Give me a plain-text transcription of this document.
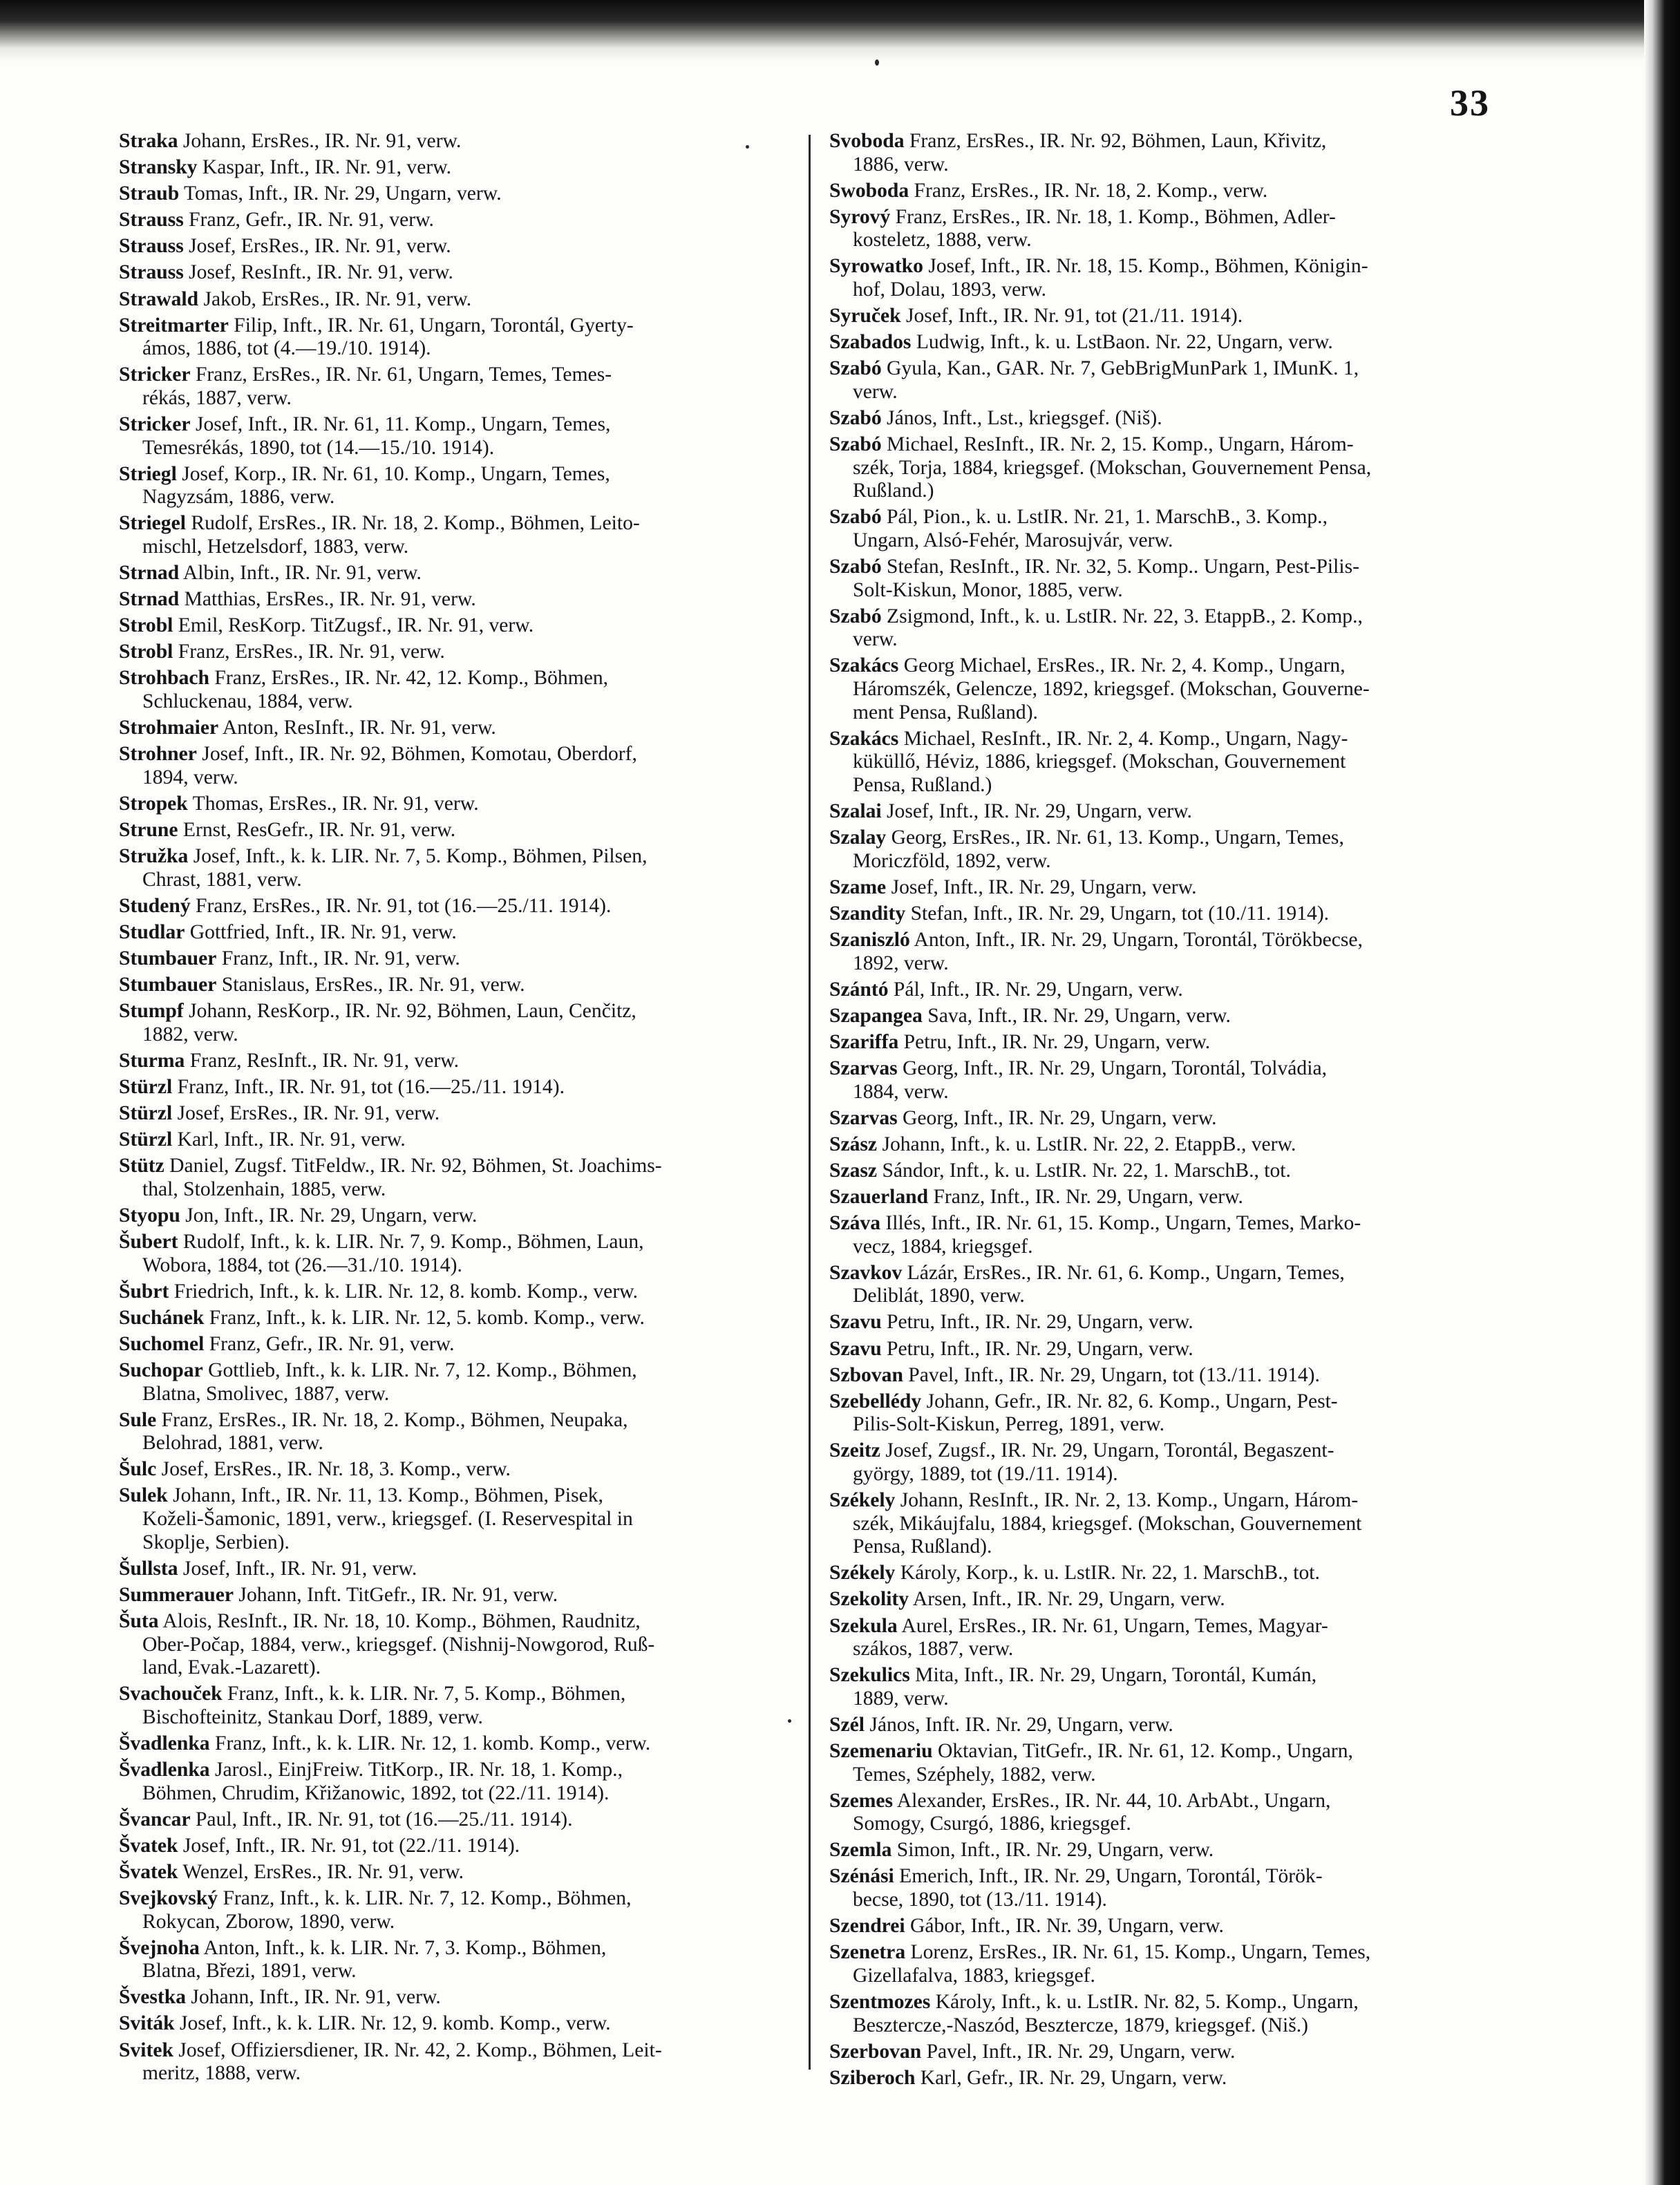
33
Straka Johann, ErsRes., IR. Nr. 91, verw.
Stransky Kaspar, Inft., IR. Nr. 91, verw.
Straub Tomas, Inft., IR. Nr. 29, Ungarn, verw.
Strauss Franz, Gefr., IR. Nr. 91, verw.
Strauss Josef, ErsRes., IR. Nr. 91, verw.
Strauss Josef, ResInft., IR. Nr. 91, verw.
Strawald Jakob, ErsRes., IR. Nr. 91, verw.
Streitmarter Filip, Inft., IR. Nr. 61, Ungarn, Torontál, Gyerty-
ámos, 1886, tot (4.—19./10. 1914).
Stricker Franz, ErsRes., IR. Nr. 61, Ungarn, Temes, Temes-
rékás, 1887, verw.
Stricker Josef, Inft., IR. Nr. 61, 11. Komp., Ungarn, Temes,
Temesrékás, 1890, tot (14.—15./10. 1914).
Striegl Josef, Korp., IR. Nr. 61, 10. Komp., Ungarn, Temes,
Nagyzsám, 1886, verw.
Striegel Rudolf, ErsRes., IR. Nr. 18, 2. Komp., Böhmen, Leito-
mischl, Hetzelsdorf, 1883, verw.
Strnad Albin, Inft., IR. Nr. 91, verw.
Strnad Matthias, ErsRes., IR. Nr. 91, verw.
Strobl Emil, ResKorp. TitZugsf., IR. Nr. 91, verw.
Strobl Franz, ErsRes., IR. Nr. 91, verw.
Strohbach Franz, ErsRes., IR. Nr. 42, 12. Komp., Böhmen,
Schluckenau, 1884, verw.
Strohmaier Anton, ResInft., IR. Nr. 91, verw.
Strohner Josef, Inft., IR. Nr. 92, Böhmen, Komotau, Oberdorf,
1894, verw.
Stropek Thomas, ErsRes., IR. Nr. 91, verw.
Strune Ernst, ResGefr., IR. Nr. 91, verw.
Stružka Josef, Inft., k. k. LIR. Nr. 7, 5. Komp., Böhmen, Pilsen,
Chrast, 1881, verw.
Studený Franz, ErsRes., IR. Nr. 91, tot (16.—25./11. 1914).
Studlar Gottfried, Inft., IR. Nr. 91, verw.
Stumbauer Franz, Inft., IR. Nr. 91, verw.
Stumbauer Stanislaus, ErsRes., IR. Nr. 91, verw.
Stumpf Johann, ResKorp., IR. Nr. 92, Böhmen, Laun, Cenčitz,
1882, verw.
Sturma Franz, ResInft., IR. Nr. 91, verw.
Stürzl Franz, Inft., IR. Nr. 91, tot (16.—25./11. 1914).
Stürzl Josef, ErsRes., IR. Nr. 91, verw.
Stürzl Karl, Inft., IR. Nr. 91, verw.
Stütz Daniel, Zugsf. TitFeldw., IR. Nr. 92, Böhmen, St. Joachims-
thal, Stolzenhain, 1885, verw.
Styopu Jon, Inft., IR. Nr. 29, Ungarn, verw.
Šubert Rudolf, Inft., k. k. LIR. Nr. 7, 9. Komp., Böhmen, Laun,
Wobora, 1884, tot (26.—31./10. 1914).
Šubrt Friedrich, Inft., k. k. LIR. Nr. 12, 8. komb. Komp., verw.
Suchánek Franz, Inft., k. k. LIR. Nr. 12, 5. komb. Komp., verw.
Suchomel Franz, Gefr., IR. Nr. 91, verw.
Suchopar Gottlieb, Inft., k. k. LIR. Nr. 7, 12. Komp., Böhmen,
Blatna, Smolivec, 1887, verw.
Sule Franz, ErsRes., IR. Nr. 18, 2. Komp., Böhmen, Neupaka,
Belohrad, 1881, verw.
Šulc Josef, ErsRes., IR. Nr. 18, 3. Komp., verw.
Sulek Johann, Inft., IR. Nr. 11, 13. Komp., Böhmen, Pisek,
Koželi-Šamonic, 1891, verw., kriegsgef. (I. Reservespital in
Skoplje, Serbien).
Šullsta Josef, Inft., IR. Nr. 91, verw.
Summerauer Johann, Inft. TitGefr., IR. Nr. 91, verw.
Šuta Alois, ResInft., IR. Nr. 18, 10. Komp., Böhmen, Raudnitz,
Ober-Počap, 1884, verw., kriegsgef. (Nishnij-Nowgorod, Ruß-
land, Evak.-Lazarett).
Svachouček Franz, Inft., k. k. LIR. Nr. 7, 5. Komp., Böhmen,
Bischofteinitz, Stankau Dorf, 1889, verw.
Švadlenka Franz, Inft., k. k. LIR. Nr. 12, 1. komb. Komp., verw.
Švadlenka Jarosl., EinjFreiw. TitKorp., IR. Nr. 18, 1. Komp.,
Böhmen, Chrudim, Křižanowic, 1892, tot (22./11. 1914).
Švancar Paul, Inft., IR. Nr. 91, tot (16.—25./11. 1914).
Švatek Josef, Inft., IR. Nr. 91, tot (22./11. 1914).
Švatek Wenzel, ErsRes., IR. Nr. 91, verw.
Svejkovský Franz, Inft., k. k. LIR. Nr. 7, 12. Komp., Böhmen,
Rokycan, Zborow, 1890, verw.
Švejnoha Anton, Inft., k. k. LIR. Nr. 7, 3. Komp., Böhmen,
Blatna, Březi, 1891, verw.
Švestka Johann, Inft., IR. Nr. 91, verw.
Sviták Josef, Inft., k. k. LIR. Nr. 12, 9. komb. Komp., verw.
Svitek Josef, Offiziersdiener, IR. Nr. 42, 2. Komp., Böhmen, Leit-
meritz, 1888, verw.
Svoboda Franz, ErsRes., IR. Nr. 92, Böhmen, Laun, Křivitz,
1886, verw.
Swoboda Franz, ErsRes., IR. Nr. 18, 2. Komp., verw.
Syrový Franz, ErsRes., IR. Nr. 18, 1. Komp., Böhmen, Adler-
kosteletz, 1888, verw.
Syrowatko Josef, Inft., IR. Nr. 18, 15. Komp., Böhmen, Königin-
hof, Dolau, 1893, verw.
Syruček Josef, Inft., IR. Nr. 91, tot (21./11. 1914).
Szabados Ludwig, Inft., k. u. LstBaon. Nr. 22, Ungarn, verw.
Szabó Gyula, Kan., GAR. Nr. 7, GebBrigMunPark 1, IMunK. 1,
verw.
Szabó János, Inft., Lst., kriegsgef. (Niš).
Szabó Michael, ResInft., IR. Nr. 2, 15. Komp., Ungarn, Három-
szék, Torja, 1884, kriegsgef. (Mokschan, Gouvernement Pensa,
Rußland.)
Szabó Pál, Pion., k. u. LstIR. Nr. 21, 1. MarschB., 3. Komp.,
Ungarn, Alsó-Fehér, Marosujvár, verw.
Szabó Stefan, ResInft., IR. Nr. 32, 5. Komp.. Ungarn, Pest-Pilis-
Solt-Kiskun, Monor, 1885, verw.
Szabó Zsigmond, Inft., k. u. LstIR. Nr. 22, 3. EtappB., 2. Komp.,
verw.
Szakács Georg Michael, ErsRes., IR. Nr. 2, 4. Komp., Ungarn,
Háromszék, Gelencze, 1892, kriegsgef. (Mokschan, Gouverne-
ment Pensa, Rußland).
Szakács Michael, ResInft., IR. Nr. 2, 4. Komp., Ungarn, Nagy-
küküllő, Héviz, 1886, kriegsgef. (Mokschan, Gouvernement
Pensa, Rußland.)
Szalai Josef, Inft., IR. Nr. 29, Ungarn, verw.
Szalay Georg, ErsRes., IR. Nr. 61, 13. Komp., Ungarn, Temes,
Moriczföld, 1892, verw.
Szame Josef, Inft., IR. Nr. 29, Ungarn, verw.
Szandity Stefan, Inft., IR. Nr. 29, Ungarn, tot (10./11. 1914).
Szaniszló Anton, Inft., IR. Nr. 29, Ungarn, Torontál, Törökbecse,
1892, verw.
Szántó Pál, Inft., IR. Nr. 29, Ungarn, verw.
Szapangea Sava, Inft., IR. Nr. 29, Ungarn, verw.
Szariffa Petru, Inft., IR. Nr. 29, Ungarn, verw.
Szarvas Georg, Inft., IR. Nr. 29, Ungarn, Torontál, Tolvádia,
1884, verw.
Szarvas Georg, Inft., IR. Nr. 29, Ungarn, verw.
Szász Johann, Inft., k. u. LstIR. Nr. 22, 2. EtappB., verw.
Szasz Sándor, Inft., k. u. LstIR. Nr. 22, 1. MarschB., tot.
Szauerland Franz, Inft., IR. Nr. 29, Ungarn, verw.
Száva Illés, Inft., IR. Nr. 61, 15. Komp., Ungarn, Temes, Marko-
vecz, 1884, kriegsgef.
Szavkov Lázár, ErsRes., IR. Nr. 61, 6. Komp., Ungarn, Temes,
Deliblát, 1890, verw.
Szavu Petru, Inft., IR. Nr. 29, Ungarn, verw.
Szavu Petru, Inft., IR. Nr. 29, Ungarn, verw.
Szbovan Pavel, Inft., IR. Nr. 29, Ungarn, tot (13./11. 1914).
Szebellédy Johann, Gefr., IR. Nr. 82, 6. Komp., Ungarn, Pest-
Pilis-Solt-Kiskun, Perreg, 1891, verw.
Szeitz Josef, Zugsf., IR. Nr. 29, Ungarn, Torontál, Begaszent-
györgy, 1889, tot (19./11. 1914).
Székely Johann, ResInft., IR. Nr. 2, 13. Komp., Ungarn, Három-
szék, Mikáujfalu, 1884, kriegsgef. (Mokschan, Gouvernement
Pensa, Rußland).
Székely Károly, Korp., k. u. LstIR. Nr. 22, 1. MarschB., tot.
Szekolity Arsen, Inft., IR. Nr. 29, Ungarn, verw.
Szekula Aurel, ErsRes., IR. Nr. 61, Ungarn, Temes, Magyar-
szákos, 1887, verw.
Szekulics Mita, Inft., IR. Nr. 29, Ungarn, Torontál, Kumán,
1889, verw.
Szél János, Inft. IR. Nr. 29, Ungarn, verw.
Szemenariu Oktavian, TitGefr., IR. Nr. 61, 12. Komp., Ungarn,
Temes, Széphely, 1882, verw.
Szemes Alexander, ErsRes., IR. Nr. 44, 10. ArbAbt., Ungarn,
Somogy, Csurgó, 1886, kriegsgef.
Szemla Simon, Inft., IR. Nr. 29, Ungarn, verw.
Szénási Emerich, Inft., IR. Nr. 29, Ungarn, Torontál, Török-
becse, 1890, tot (13./11. 1914).
Szendrei Gábor, Inft., IR. Nr. 39, Ungarn, verw.
Szenetra Lorenz, ErsRes., IR. Nr. 61, 15. Komp., Ungarn, Temes,
Gizellafalva, 1883, kriegsgef.
Szentmozes Károly, Inft., k. u. LstIR. Nr. 82, 5. Komp., Ungarn,
Besztercze,-Naszód, Besztercze, 1879, kriegsgef. (Niš.)
Szerbovan Pavel, Inft., IR. Nr. 29, Ungarn, verw.
Sziberoch Karl, Gefr., IR. Nr. 29, Ungarn, verw.
